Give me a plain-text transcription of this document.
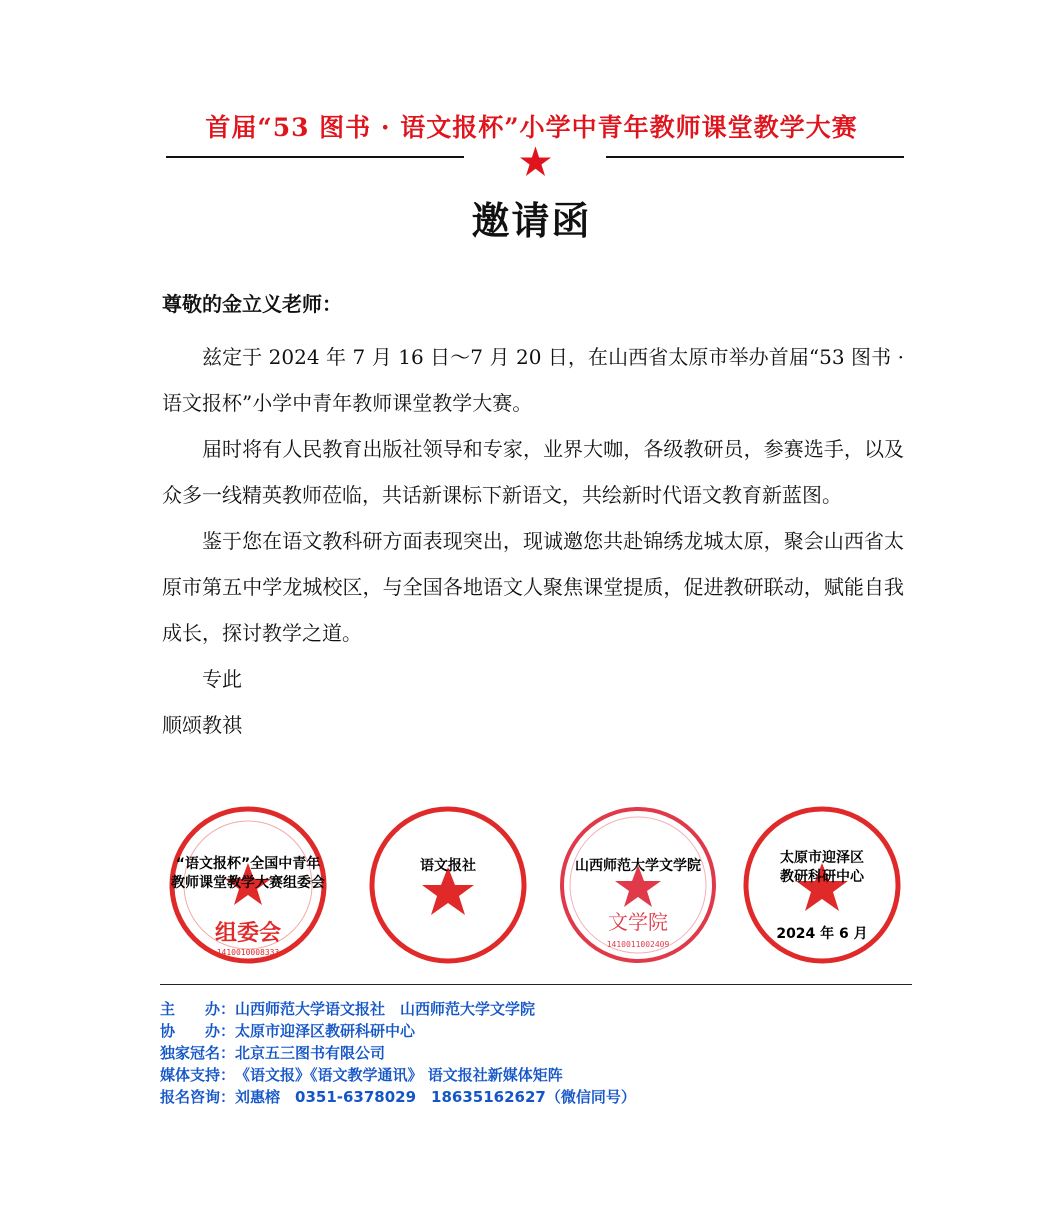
首届“53 图书 · 语文报杯”小学中青年教师课堂教学大赛
邀请函
尊敬的金立义老师：

兹定于 2024 年 7 月 16 日～7 月 20 日，在山西省太原市举办首届“53 图书 · 语文报杯”小学中青年教师课堂教学大赛。

届时将有人民教育出版社领导和专家，业界大咖，各级教研员，参赛选手，以及众多一线精英教师莅临，共话新课标下新语文，共绘新时代语文教育新蓝图。

鉴于您在语文教科研方面表现突出，现诚邀您共赴锦绣龙城太原，聚会山西省太原市第五中学龙城校区，与全国各地语文人聚焦课堂提质，促进教研联动，赋能自我成长，探讨教学之道。

专此

顺颂教祺

组委会
1410010008333
“语文报杯”全国中青年
教师课堂教学大赛组委会
语文报社
文学院
1410011002409
山西师范大学文学院	太原市迎泽区
教研科研中心
2024 年 6 月
主　　办：山西师范大学语文报社　山西师范大学文学院
协　　办：太原市迎泽区教研科研中心
独家冠名：北京五三图书有限公司
媒体支持：《语文报》《语文教学通讯》 语文报社新媒体矩阵
报名咨询：刘惠榕　0351-6378029　18635162627（微信同号）
